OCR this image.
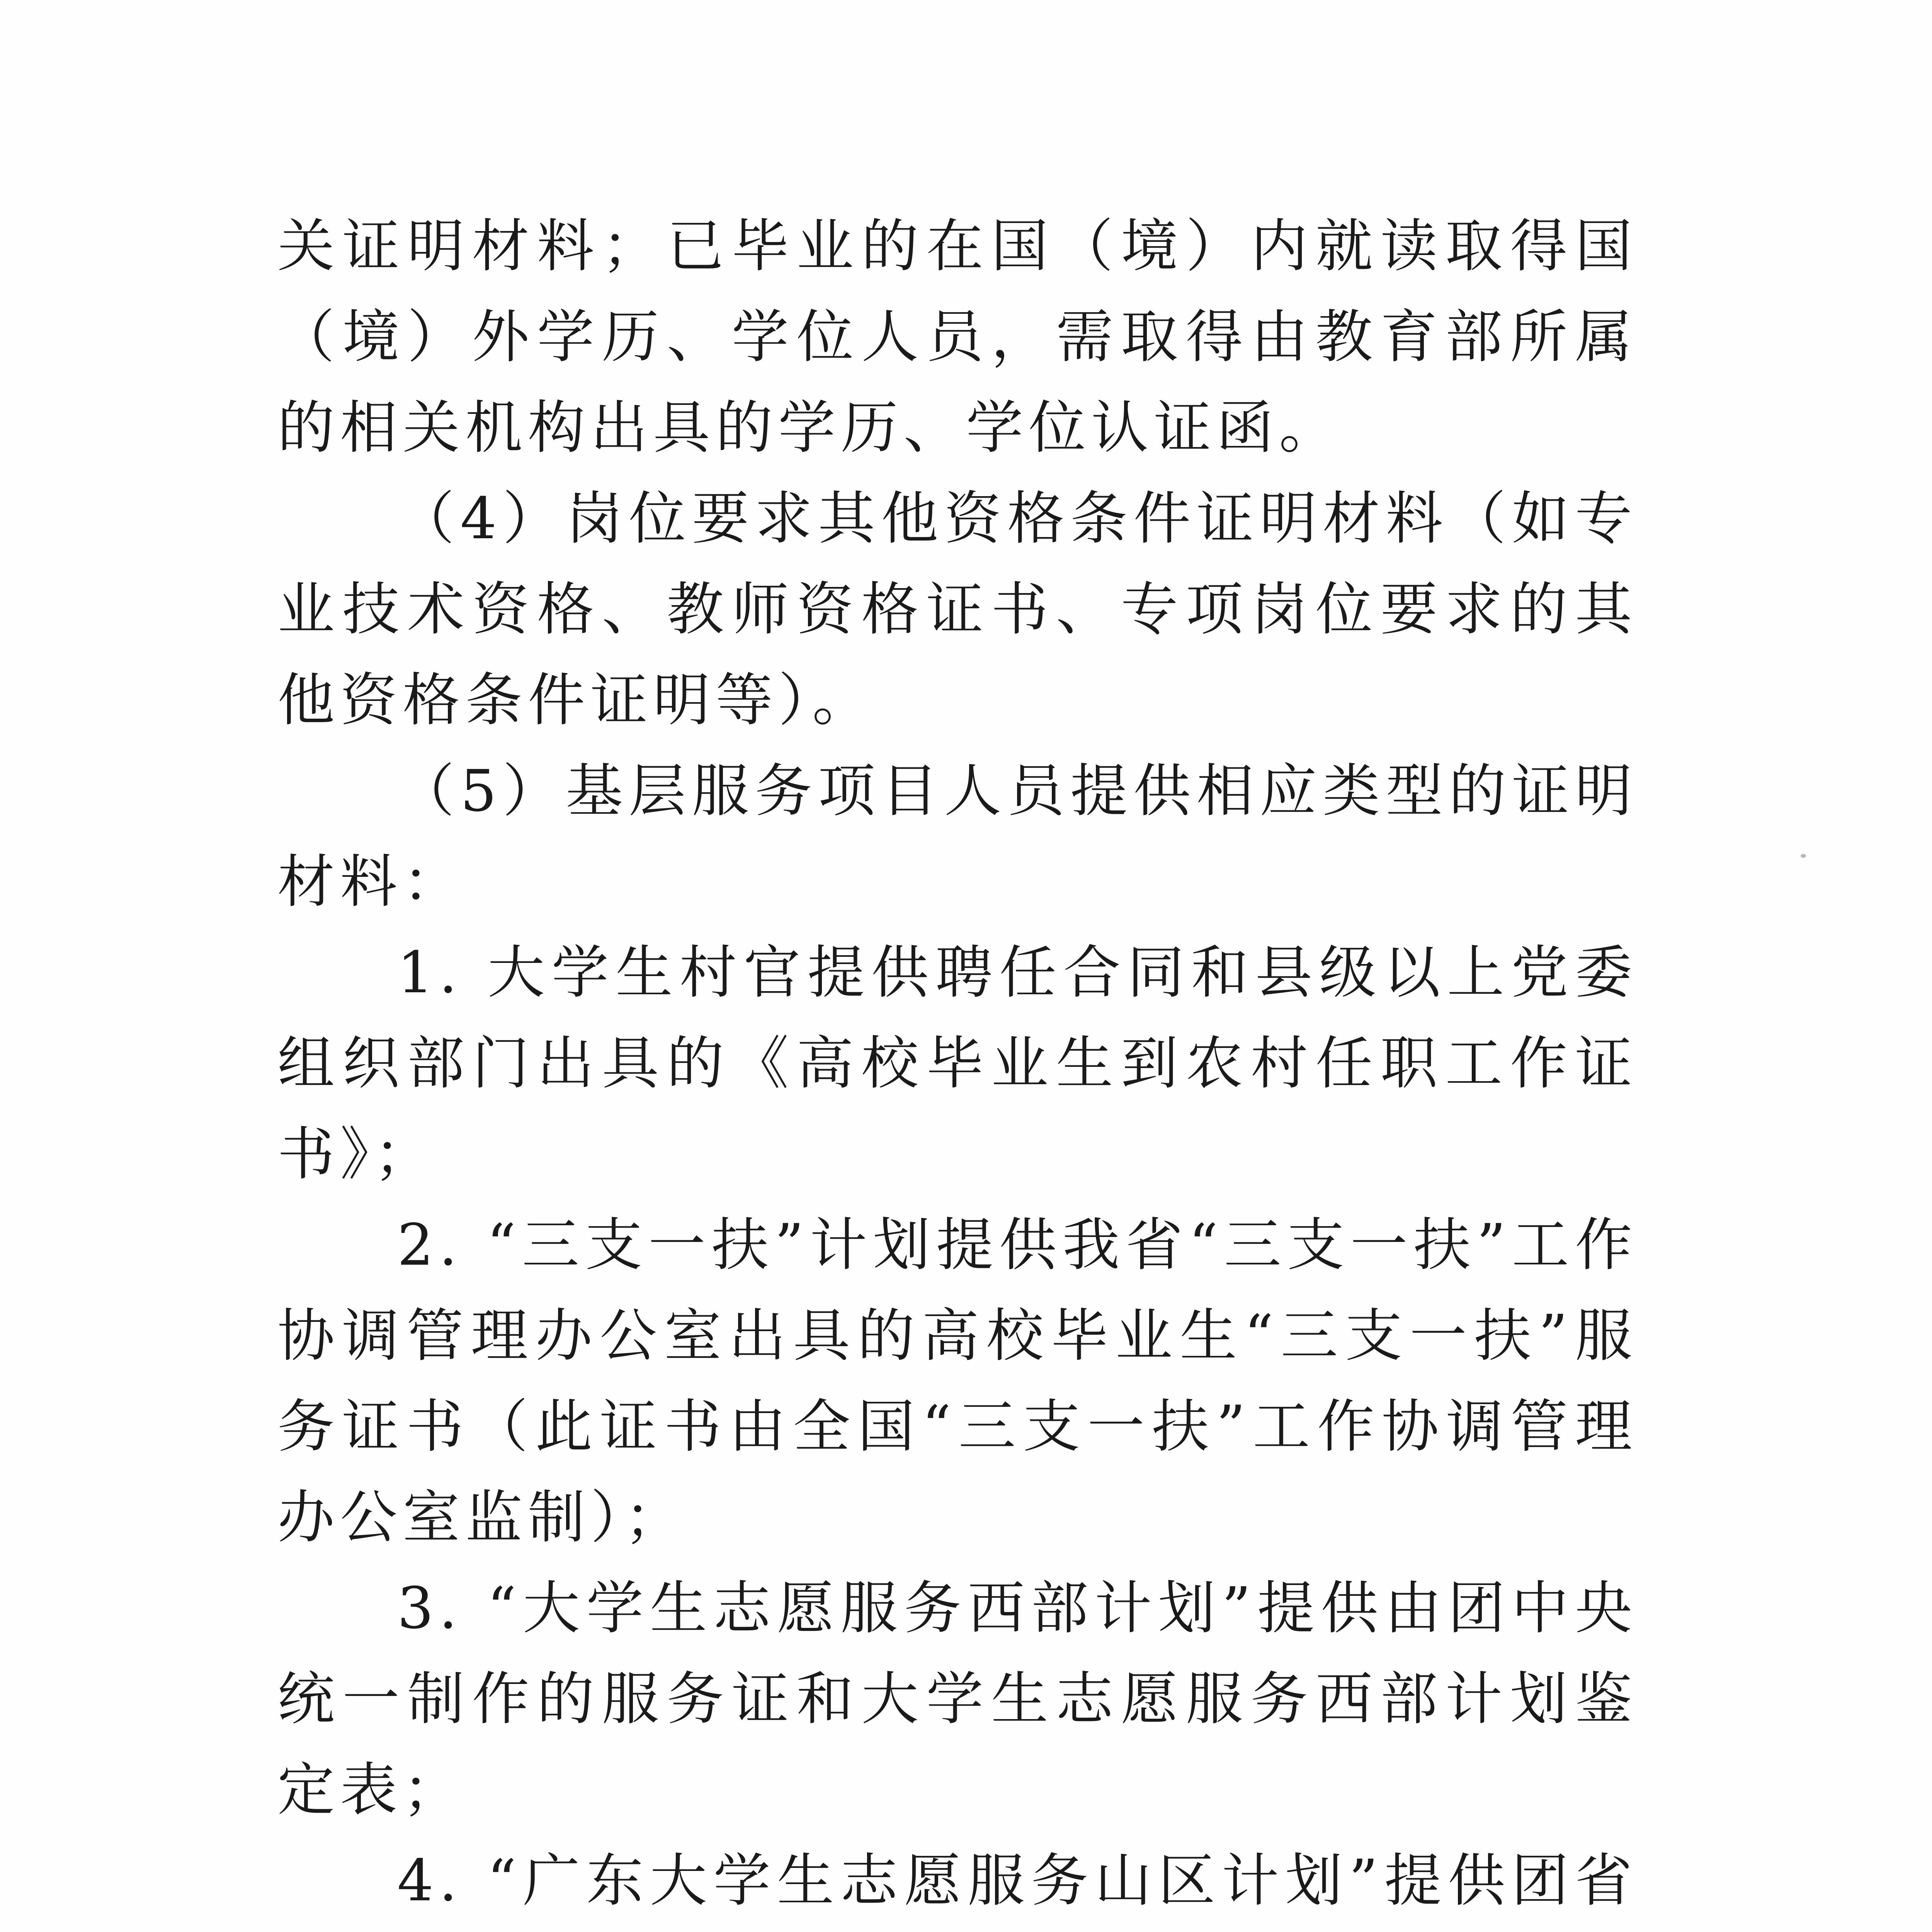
关证明材料；已毕业的在国（境）内就读取得国（境）外学历、学位人员，需取得由教育部所属的相关机构出具的学历、学位认证函。

（4）岗位要求其他资格条件证明材料（如专业技术资格、教师资格证书、专项岗位要求的其他资格条件证明等）。

（5）基层服务项目人员提供相应类型的证明材料：

1. 大学生村官提供聘任合同和县级以上党委组织部门出具的《高校毕业生到农村任职工作证书》；

2. “三支一扶”计划提供我省“三支一扶”工作协调管理办公室出具的高校毕业生“三支一扶”服务证书（此证书由全国“三支一扶”工作协调管理办公室监制）；

3. “大学生志愿服务西部计划”提供由团中央统一制作的服务证和大学生志愿服务西部计划鉴定表；

4. “广东大学生志愿服务山区计划”提供团省
